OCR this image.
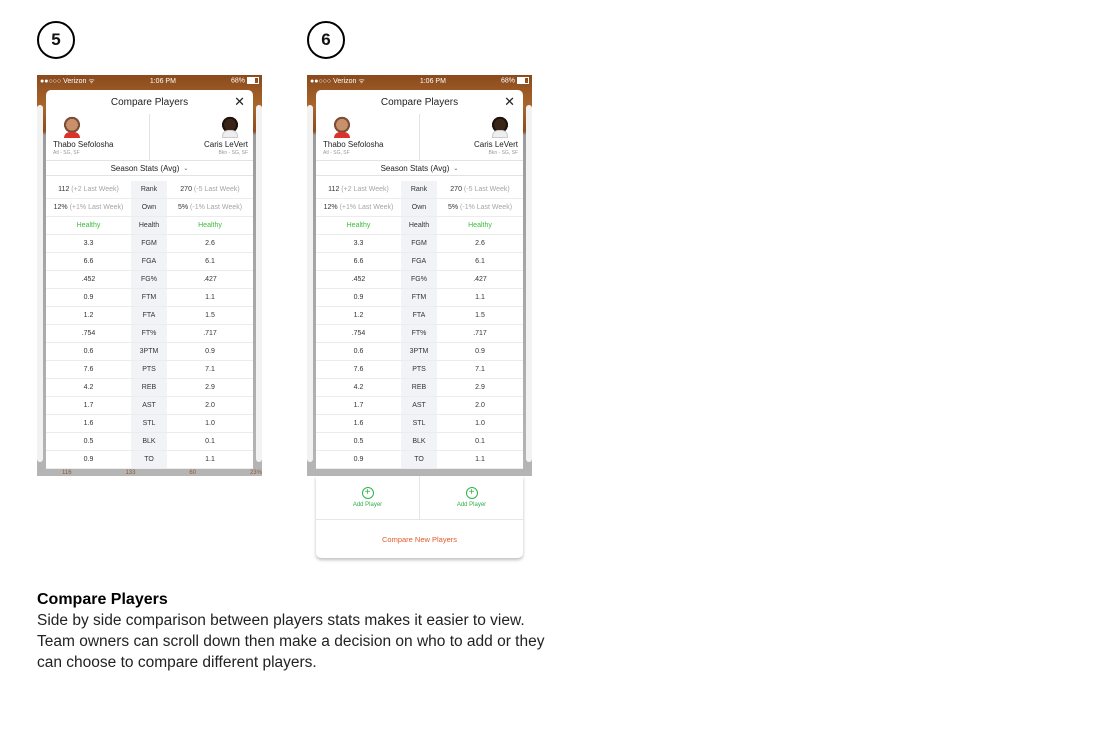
5	6
●●○○○ Verizon ᯤ	1:06 PM	68%
116	133	60	23%
Compare Players	✕
Thabo Sefolosha
Atl - SG, SF
Caris LeVert
Bkn - SG, SF
Season Stats (Avg) ⌄
112 (+2 Last Week)	Rank	270 (-5 Last Week)
12% (+1% Last Week)	Own	5% (-1% Last Week)
Healthy	Health	Healthy
3.3	FGM	2.6
6.6	FGA	6.1
.452	FG%	.427
0.9	FTM	1.1
1.2	FTA	1.5
.754	FT%	.717
0.6	3PTM	0.9
7.6	PTS	7.1
4.2	REB	2.9
1.7	AST	2.0
1.6	STL	1.0
0.5	BLK	0.1
0.9	TO	1.1
●●○○○ Verizon ᯤ	1:06 PM	68%
Compare Players	✕
Thabo Sefolosha
Atl - SG, SF
Caris LeVert
Bkn - SG, SF
Season Stats (Avg) ⌄
112 (+2 Last Week)	Rank	270 (-5 Last Week)
12% (+1% Last Week)	Own	5% (-1% Last Week)
Healthy	Health	Healthy
3.3	FGM	2.6
6.6	FGA	6.1
.452	FG%	.427
0.9	FTM	1.1
1.2	FTA	1.5
.754	FT%	.717
0.6	3PTM	0.9
7.6	PTS	7.1
4.2	REB	2.9
1.7	AST	2.0
1.6	STL	1.0
0.5	BLK	0.1
0.9	TO	1.1
+
Add Player
+
Add Player
Compare New Players
Compare Players
Side by side comparison between players stats makes it easier to view. Team owners can scroll down then make a decision on who to add or they can choose to compare different players.
